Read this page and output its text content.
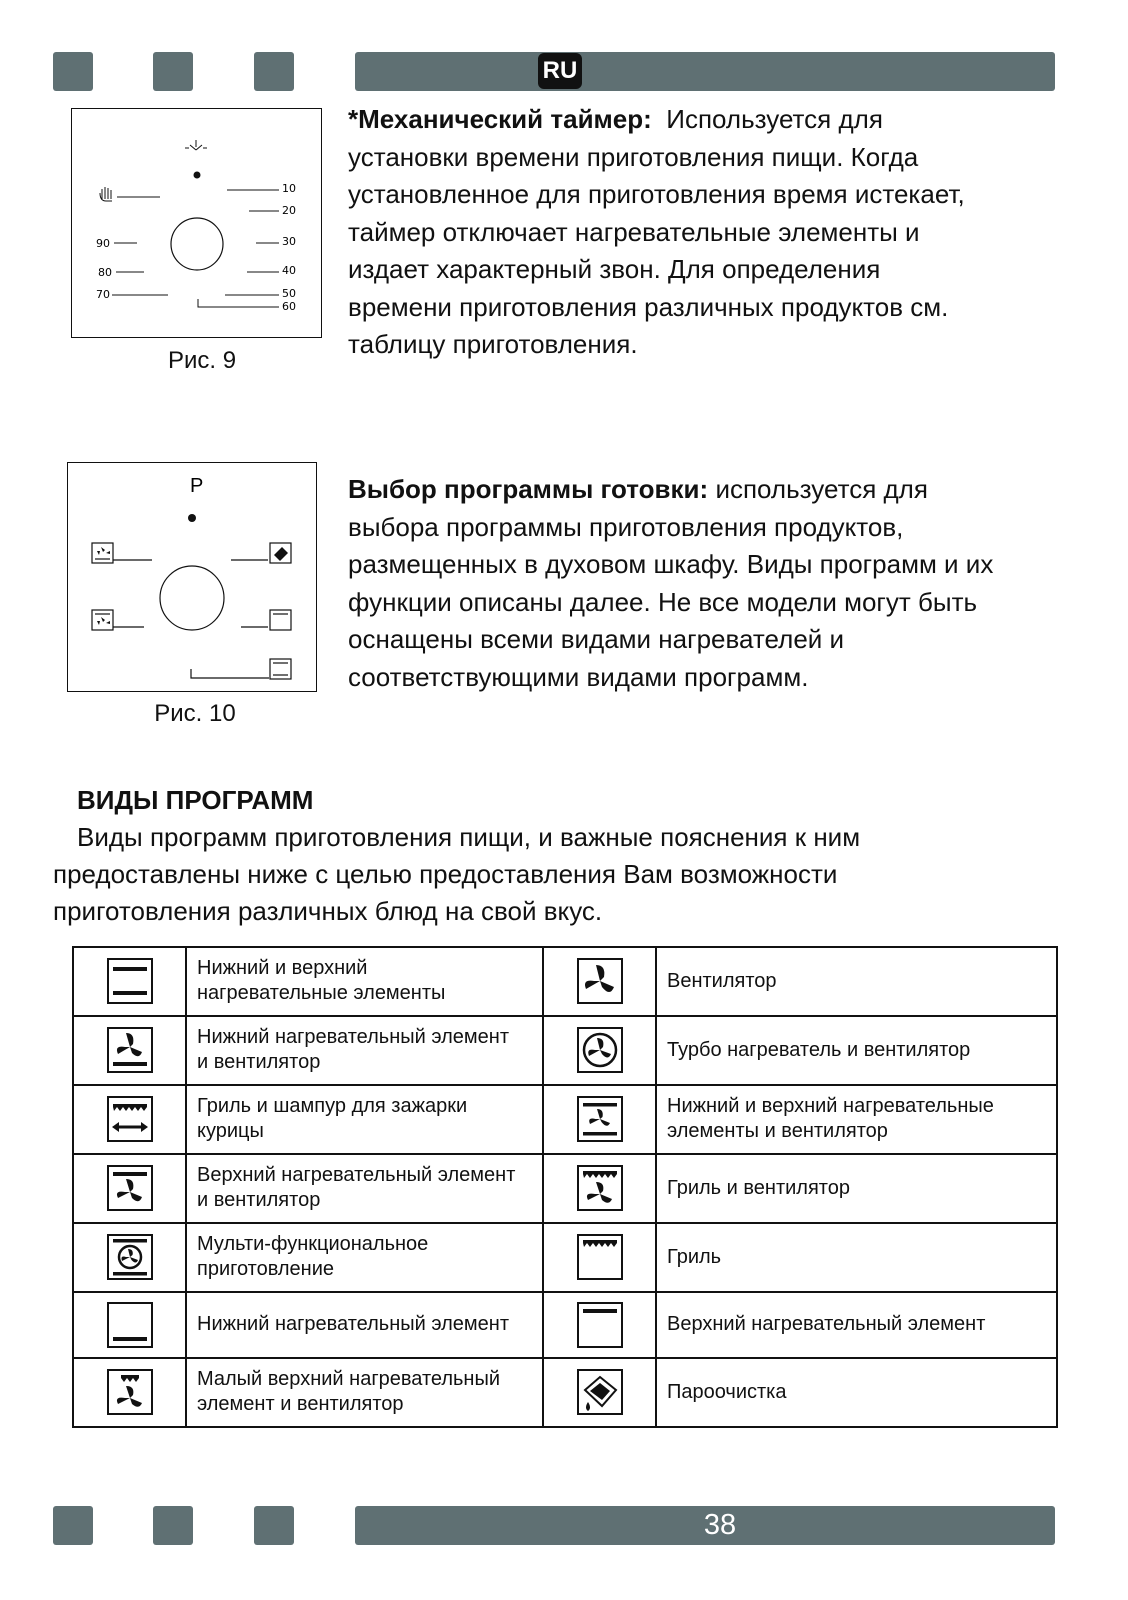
RU
90
80
70
10
20
30
40
50
60
Рис. 9
*Механический таймер: Используется для
установки времени приготовления пищи. Когда
установленное для приготовления время истекает,
таймер отключает нагревательные элементы и
издает характерный звон. Для определения
времени приготовления различных продуктов см.
таблицу приготовления.
P
Рис. 10
Выбор программы готовки: используется для
выбора программы приготовления продуктов,
размещенных в духовом шкафу. Виды программ и их
функции описаны далее. Не все модели могут быть
оснащены всеми видами нагревателей и
соответствующими видами программ.
ВИДЫ ПРОГРАММ
Виды программ приготовления пищи, и важные пояснения к ним
предоставлены ниже с целью предоставления Вам возможности
приготовления различных блюд на свой вкус.
	Нижний и верхний
нагревательные элементы		Вентилятор

	Нижний нагревательный элемент
и вентилятор		Турбо нагреватель и вентилятор

	Гриль и шампур для зажарки
курицы		Нижний и верхний нагревательные
элементы и вентилятор

	Верхний нагревательный элемент
и вентилятор		Гриль и вентилятор

	Мульти-функциональное
приготовление		Гриль

	Нижний нагревательный элемент		Верхний нагревательный элемент

	Малый верхний нагревательный
элемент и вентилятор		Пароочистка
38
